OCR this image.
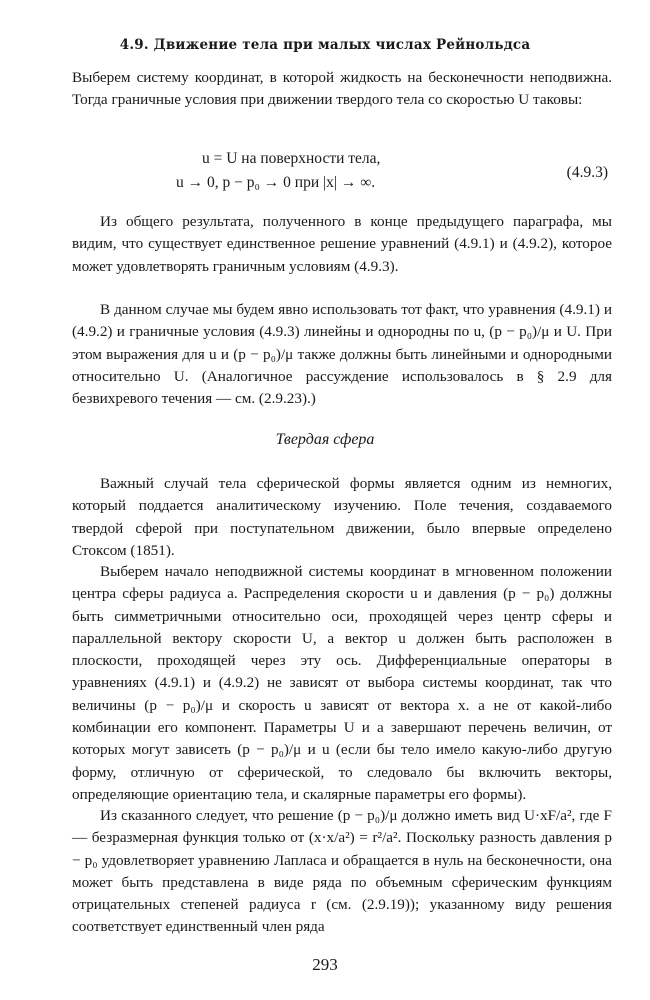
4.9. Движение тела при малых числах Рейнольдса

Выберем систему координат, в которой жидкость на бесконечности неподвижна. Тогда граничные условия при движении твердого тела со скоростью U таковы:

u = U на поверхности тела,
u → 0, p − p₀ → 0 при |x| → ∞.
(4.9.3)

Из общего результата, полученного в конце предыдущего параграфа, мы видим, что существует единственное решение уравнений (4.9.1) и (4.9.2), которое может удовлетворять граничным условиям (4.9.3).

В данном случае мы будем явно использовать тот факт, что уравнения (4.9.1) и (4.9.2) и граничные условия (4.9.3) линейны и однородны по u, (p − p₀)/μ и U. При этом выражения для u и (p − p₀)/μ также должны быть линейными и однородными относительно U. (Аналогичное рассуждение использовалось в § 2.9 для безвихревого течения — см. (2.9.23).)

Твердая сфера

Важный случай тела сферической формы является одним из немногих, который поддается аналитическому изучению. Поле течения, создаваемого твердой сферой при поступательном движении, было впервые определено Стоксом (1851).

Выберем начало неподвижной системы координат в мгновенном положении центра сферы радиуса a. Распределения скорости u и давления (p − p₀) должны быть симметричными относительно оси, проходящей через центр сферы и параллельной вектору скорости U, а вектор u должен быть расположен в плоскости, проходящей через эту ось. Дифференциальные операторы в уравнениях (4.9.1) и (4.9.2) не зависят от выбора системы координат, так что величины (p − p₀)/μ и скорость u зависят от вектора x. а не от какой-либо комбинации его компонент. Параметры U и a завершают перечень величин, от которых могут зависеть (p − p₀)/μ и u (если бы тело имело какую-либо другую форму, отличную от сферической, то следовало бы включить векторы, определяющие ориентацию тела, и скалярные параметры его формы).

Из сказанного следует, что решение (p − p₀)/μ должно иметь вид U·xF/a², где F — безразмерная функция только от (x·x/a²) = r²/a². Поскольку разность давления p − p₀ удовлетворяет уравнению Лапласа и обращается в нуль на бесконечности, она может быть представлена в виде ряда по объемным сферическим функциям отрицательных степеней радиуса r (см. (2.9.19)); указанному виду решения соответствует единственный член ряда

293
